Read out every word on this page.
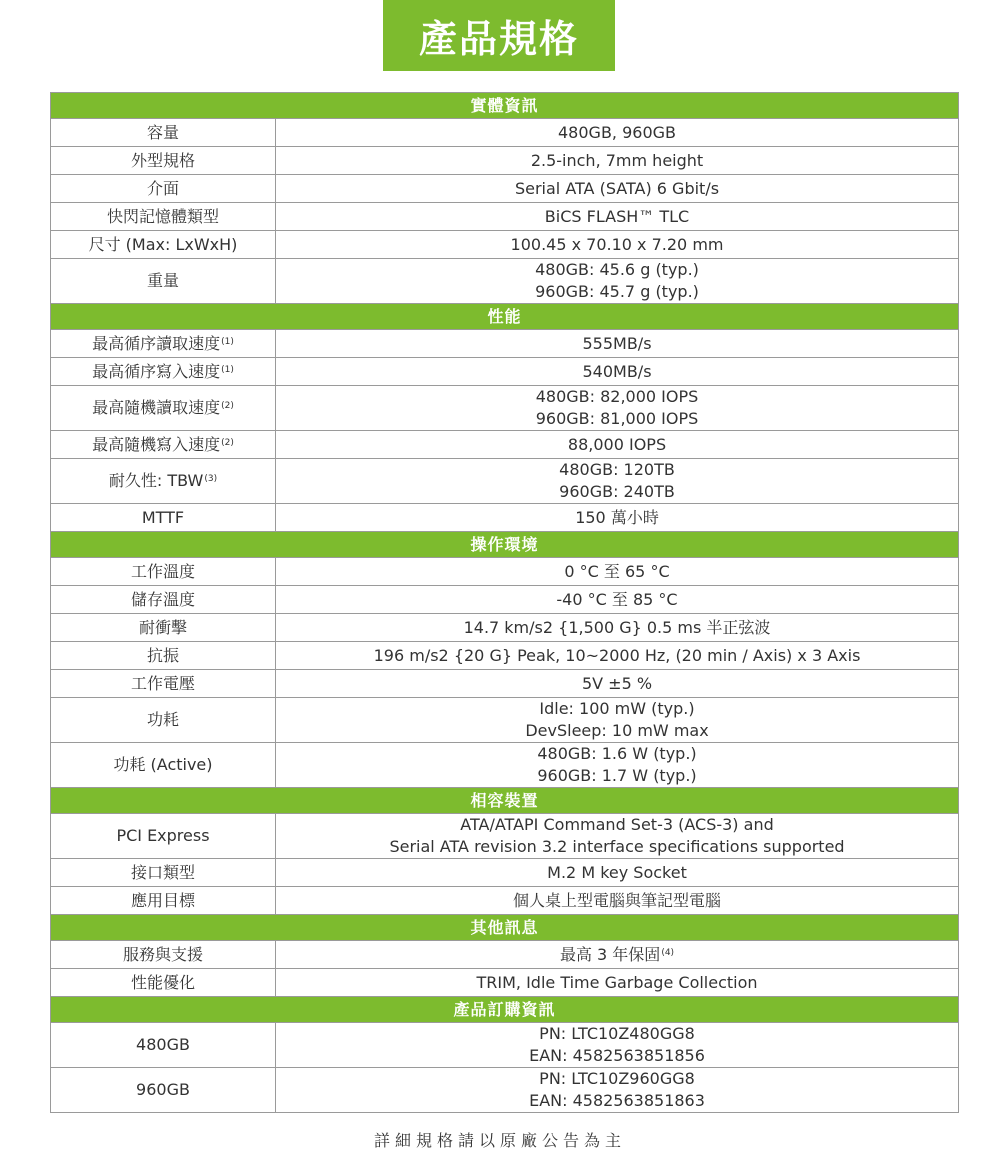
產品規格
實體資訊	
容量	480GB, 960GB
外型規格	2.5-inch, 7mm height
介面	Serial ATA (SATA) 6 Gbit/s
快閃記憶體類型	BiCS FLASH™ TLC
尺寸 (Max: LxWxH)	100.45 x 70.10 x 7.20 mm
重量	480GB: 45.6 g (typ.)
960GB: 45.7 g (typ.)

性能	
最高循序讀取速度$^{(1)}$	555MB/s
最高循序寫入速度$^{(1)}$	540MB/s
最高隨機讀取速度$^{(2)}$	480GB: 82,000 IOPS
960GB: 81,000 IOPS

最高隨機寫入速度$^{(2)}$	88,000 IOPS
耐久性: TBW$^{(3)}$	480GB: 120TB
960GB: 240TB

MTTF	150 萬小時
操作環境	
工作溫度	0 °C 至 65 °C
儲存溫度	-40 °C 至 85 °C
耐衝擊	14.7 km/s2 {1,500 G} 0.5 ms 半正弦波
抗振	196 m/s2 {20 G} Peak, 10~2000 Hz, (20 min / Axis) x 3 Axis
工作電壓	5V ±5 %
功耗	Idle: 100 mW (typ.)
DevSleep: 10 mW max

功耗 (Active)	480GB: 1.6 W (typ.)
960GB: 1.7 W (typ.)

相容裝置	
PCI Express	ATA/ATAPI Command Set-3 (ACS-3) and
Serial ATA revision 3.2 interface specifications supported

接口類型	M.2 M key Socket
應用目標	個人桌上型電腦與筆記型電腦
其他訊息	
服務與支援	最高 3 年保固$^{(4)}$
性能優化	TRIM, Idle Time Garbage Collection
產品訂購資訊	
480GB	PN: LTC10Z480GG8
EAN: 4582563851856

960GB	PN: LTC10Z960GG8
EAN: 4582563851863
詳細規格請以原廠公告為主
